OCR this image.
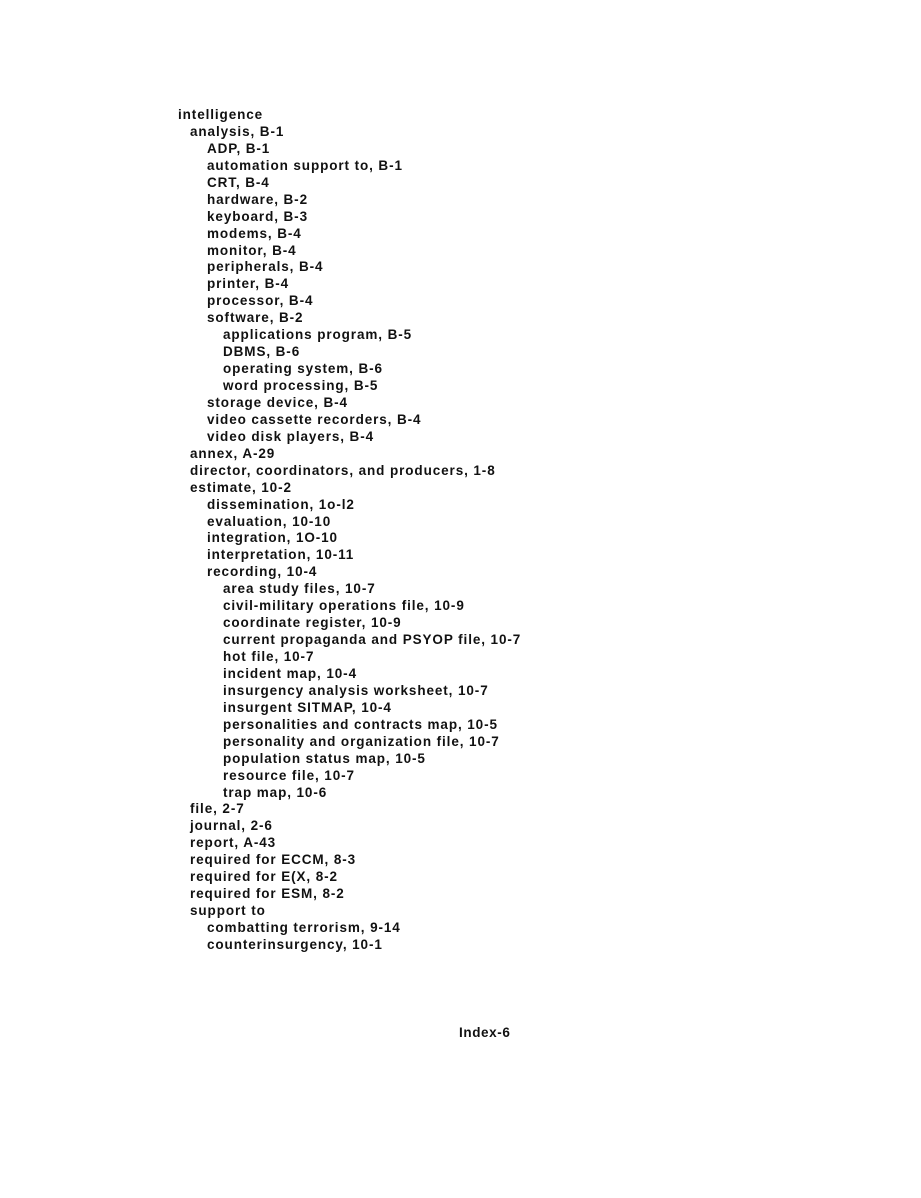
intelligence
analysis, B-1
ADP, B-1
automation support to, B-1
CRT, B-4
hardware, B-2
keyboard, B-3
modems, B-4
monitor, B-4
peripherals, B-4
printer, B-4
processor, B-4
software, B-2
applications program, B-5
DBMS, B-6
operating system, B-6
word processing, B-5
storage device, B-4
video cassette recorders, B-4
video disk players, B-4
annex, A-29
director, coordinators, and producers, 1-8
estimate, 10-2
dissemination, 1o-l2
evaluation, 10-10
integration, 1O-10
interpretation, 10-11
recording, 10-4
area study files, 10-7
civil-military operations file, 10-9
coordinate register, 10-9
current propaganda and PSYOP file, 10-7
hot file, 10-7
incident map, 10-4
insurgency analysis worksheet, 10-7
insurgent SITMAP, 10-4
personalities and contracts map, 10-5
personality and organization file, 10-7
population status map, 10-5
resource file, 10-7
trap map, 10-6
file, 2-7
journal, 2-6
report, A-43
required for ECCM, 8-3
required for E(X, 8-2
required for ESM, 8-2
support to
combatting terrorism, 9-14
counterinsurgency, 10-1
Index-6
